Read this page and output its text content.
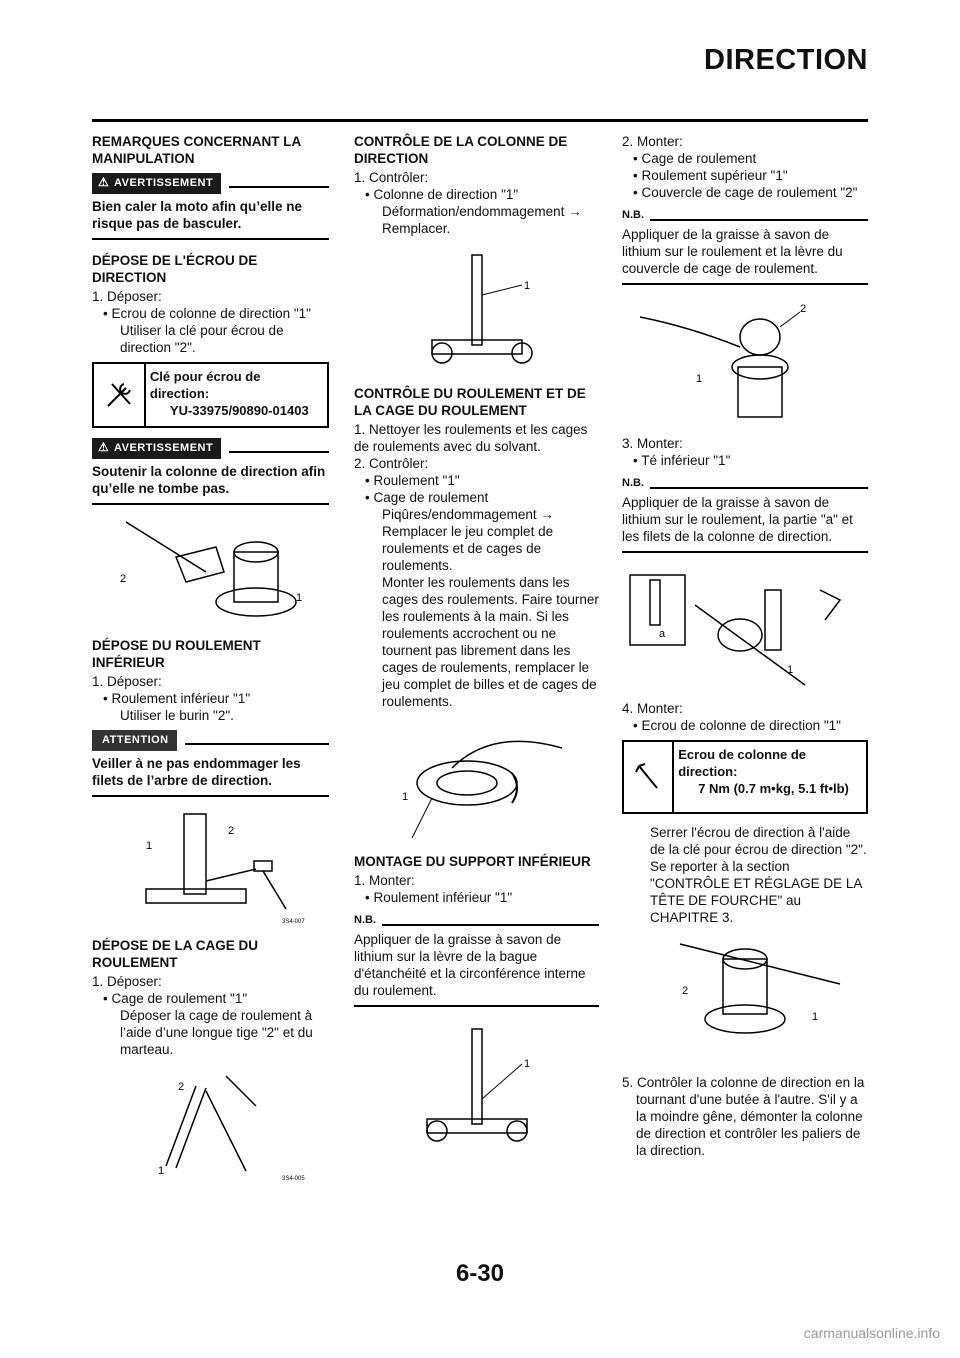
DIRECTION

REMARQUES CONCERNANT LA MANIPULATION

⚠ AVERTISSEMENT

Bien caler la moto afin qu’elle ne risque pas de basculer.

DÉPOSE DE L'ÉCROU DE DIRECTION

1. Déposer:

• Ecrou de colonne de direction "1"

Utiliser la clé pour écrou de direction "2".

Clé pour écrou de direction:
YU-33975/90890-01403
⚠ AVERTISSEMENT

Soutenir la colonne de direction afin qu’elle ne tombe pas.

2
1

DÉPOSE DU ROULEMENT INFÉRIEUR

1. Déposer:

• Roulement inférieur "1"

Utiliser le burin "2".

ATTENTION

Veiller à ne pas endommager les filets de l’arbre de direction.

1
2
3S4-007

DÉPOSE DE LA CAGE DU ROULEMENT

1. Déposer:

• Cage de roulement "1"

Déposer la cage de roulement à l’aide d’une longue tige "2" et du marteau.

2
1
3S4-005

CONTRÔLE DE LA COLONNE DE DIRECTION

1. Contrôler:

• Colonne de direction "1"

Déformation/endommagement → Remplacer.

1

CONTRÔLE DU ROULEMENT ET DE LA CAGE DU ROULEMENT

1. Nettoyer les roulements et les cages de roulements avec du solvant.

2. Contrôler:

• Roulement "1"

• Cage de roulement

Piqûres/endommagement → Remplacer le jeu complet de roulements et de cages de roulements.

Monter les roulements dans les cages des roulements. Faire tourner les roulements à la main. Si les roulements accrochent ou ne tournent pas librement dans les cages de roulements, remplacer le jeu complet de billes et de cages de roulements.

1

MONTAGE DU SUPPORT INFÉRIEUR

1. Monter:

• Roulement inférieur "1"

N.B.

Appliquer de la graisse à savon de lithium sur la lèvre de la bague d'étanchéité et la circonférence interne du roulement.

1

2. Monter:

• Cage de roulement

• Roulement supérieur "1"

• Couvercle de cage de roulement "2"

N.B.

Appliquer de la graisse à savon de lithium sur le roulement et la lèvre du couvercle de cage de roulement.

2
1

3. Monter:

• Té inférieur "1"

N.B.

Appliquer de la graisse à savon de lithium sur le roulement, la partie "a" et les filets de la colonne de direction.

a
1

4. Monter:

• Ecrou de colonne de direction "1"

Ecrou de colonne de direction:
7 Nm (0.7 m•kg, 5.1 ft•lb)

Serrer l'écrou de direction à l'aide de la clé pour écrou de direction "2".

Se reporter à la section "CONTRÔLE ET RÉGLAGE DE LA TÊTE DE FOURCHE" au CHAPITRE 3.

2
1

5. Contrôler la colonne de direction en la tournant d'une butée à l'autre. S'il y a la moindre gêne, démonter la colonne de direction et contrôler les paliers de la direction.

6-30
carmanualsonline.info
